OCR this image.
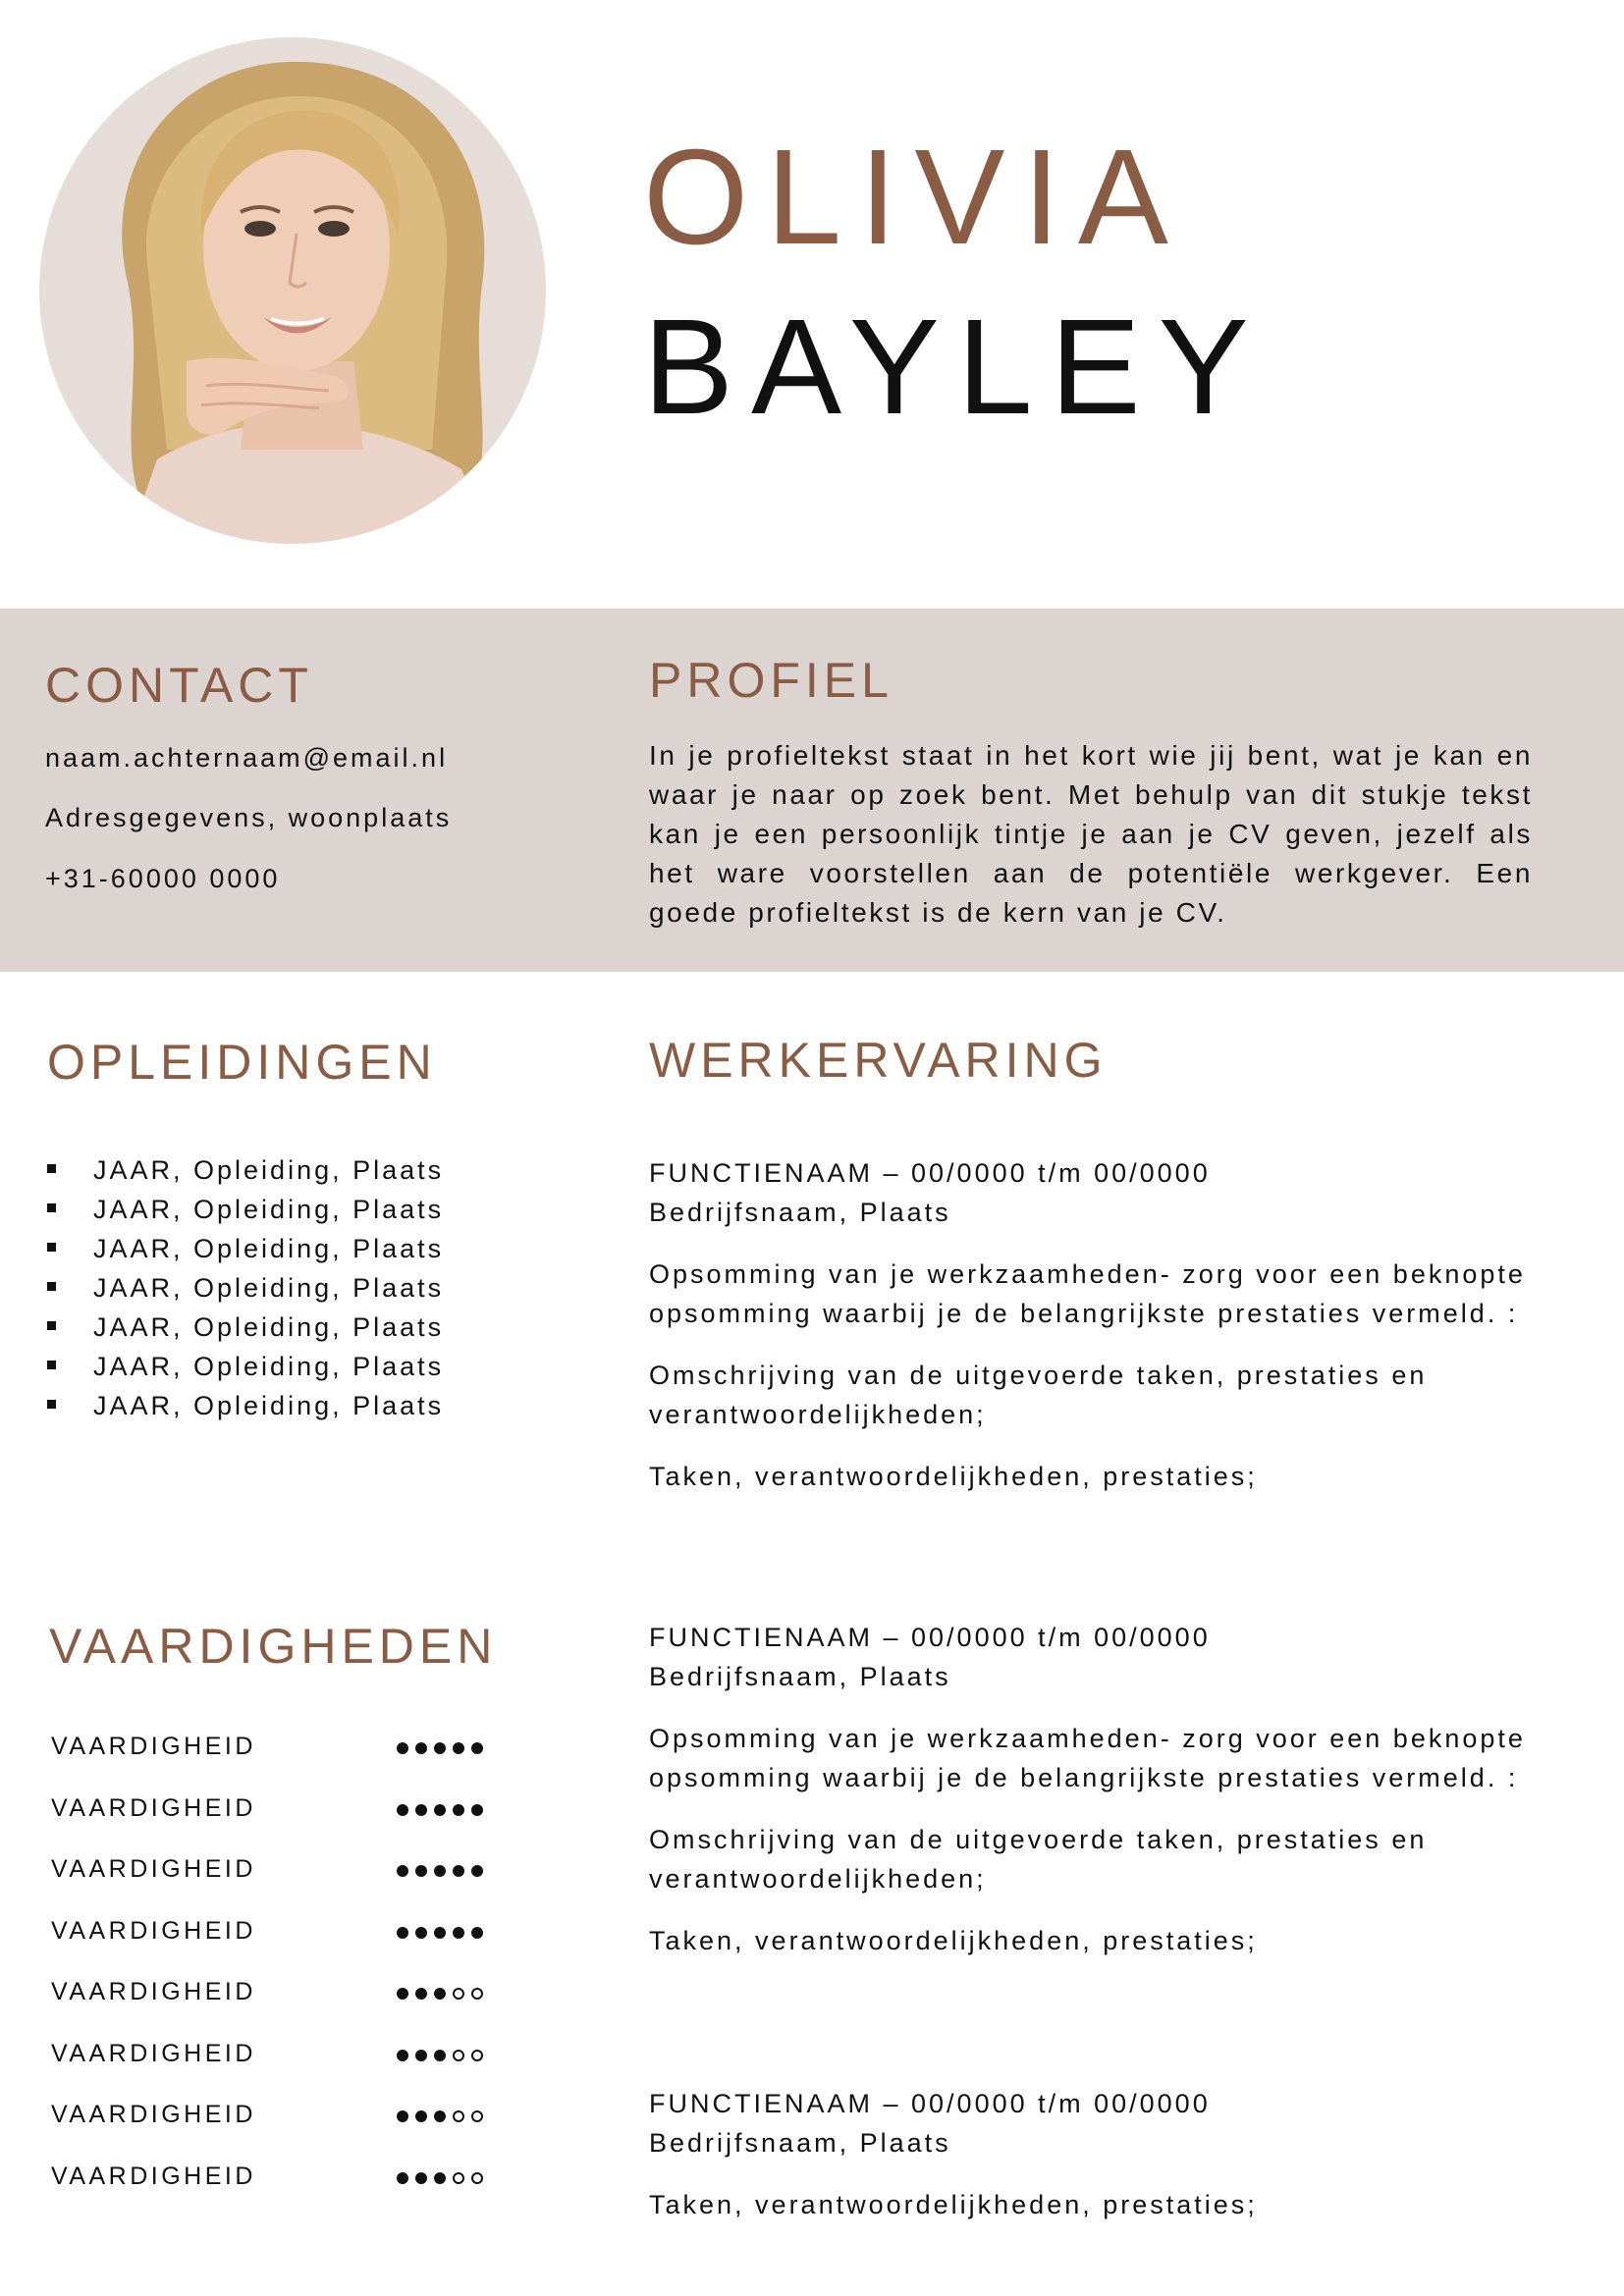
OLIVIA
BAYLEY
CONTACT
naam.achternaam@email.nl
Adresgegevens, woonplaats
+31-60000 0000
PROFIEL
In je profieltekst staat in het kort wie jij bent, wat je kan en waar je naar op zoek bent. Met behulp van dit stukje tekst kan je een persoonlijk tintje je aan je CV geven, jezelf als het ware voorstellen aan de potentiële werkgever. Een goede profieltekst is de kern van je CV.
OPLEIDINGEN
JAAR, Opleiding, Plaats
JAAR, Opleiding, Plaats
JAAR, Opleiding, Plaats
JAAR, Opleiding, Plaats
JAAR, Opleiding, Plaats
JAAR, Opleiding, Plaats
JAAR, Opleiding, Plaats
VAARDIGHEDEN
VAARDIGHEID
VAARDIGHEID
VAARDIGHEID
VAARDIGHEID
VAARDIGHEID
VAARDIGHEID
VAARDIGHEID
VAARDIGHEID
WERKERVARING
FUNCTIENAAM – 00/0000 t/m 00/0000
Bedrijfsnaam, Plaats

Opsomming van je werkzaamheden- zorg voor een beknopte opsomming waarbij je de belangrijkste prestaties vermeld. :

Omschrijving van de uitgevoerde taken, prestaties en verantwoordelijkheden;

Taken, verantwoordelijkheden, prestaties;

FUNCTIENAAM – 00/0000 t/m 00/0000
Bedrijfsnaam, Plaats

Opsomming van je werkzaamheden- zorg voor een beknopte opsomming waarbij je de belangrijkste prestaties vermeld. :

Omschrijving van de uitgevoerde taken, prestaties en verantwoordelijkheden;

Taken, verantwoordelijkheden, prestaties;

FUNCTIENAAM – 00/0000 t/m 00/0000
Bedrijfsnaam, Plaats

Taken, verantwoordelijkheden, prestaties;
